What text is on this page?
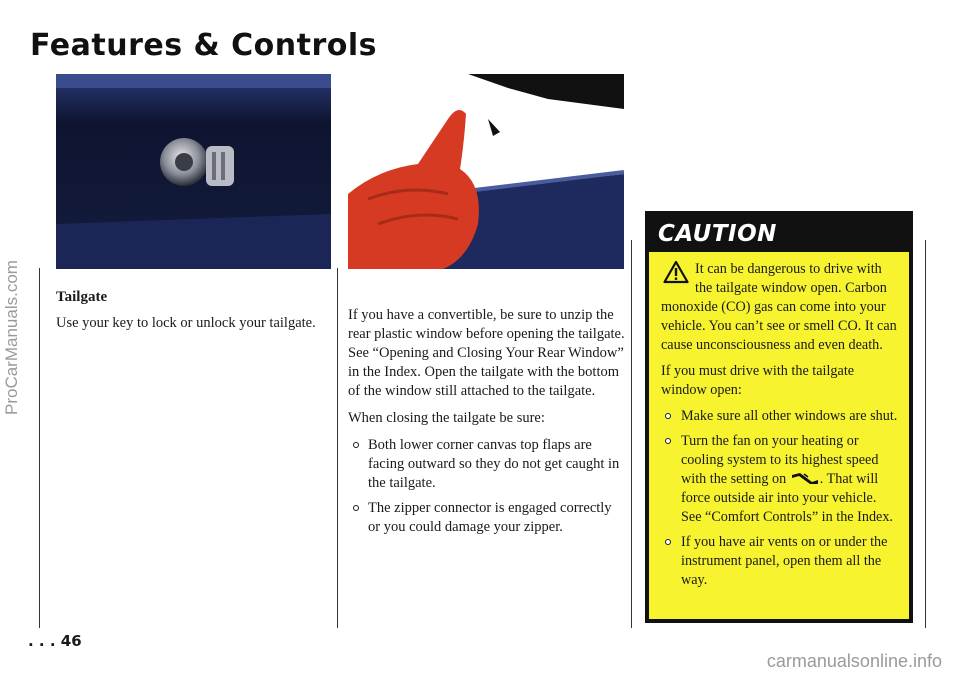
ProCarManuals.com
carmanualsonline.info
Features & Controls
Tailgate

Use your key to lock or unlock your tailgate. If you have a convertible, be sure to unzip the rear plastic window before opening the tailgate. See “Opening and Closing Your Rear Window” in the Index. Open the tailgate with the bottom of the window still attached to the tailgate.

When closing the tailgate be sure:

Both lower corner canvas top flaps are facing outward so they do not get caught in the tailgate.
The zipper connector is engaged correctly or you could damage your zipper.
CAUTION

It can be dangerous to drive with the tailgate window open. Carbon monoxide (CO) gas can come into your vehicle. You can’t see or smell CO. It can cause unconsciousness and even death.

If you must drive with the tailgate window open:

Make sure all other windows are shut.
Turn the fan on your heating or cooling system to its highest speed with the setting on . That will force outside air into your vehicle. See “Comfort Controls” in the Index.
If you have air vents on or under the instrument panel, open them all the way.
. . . 46
